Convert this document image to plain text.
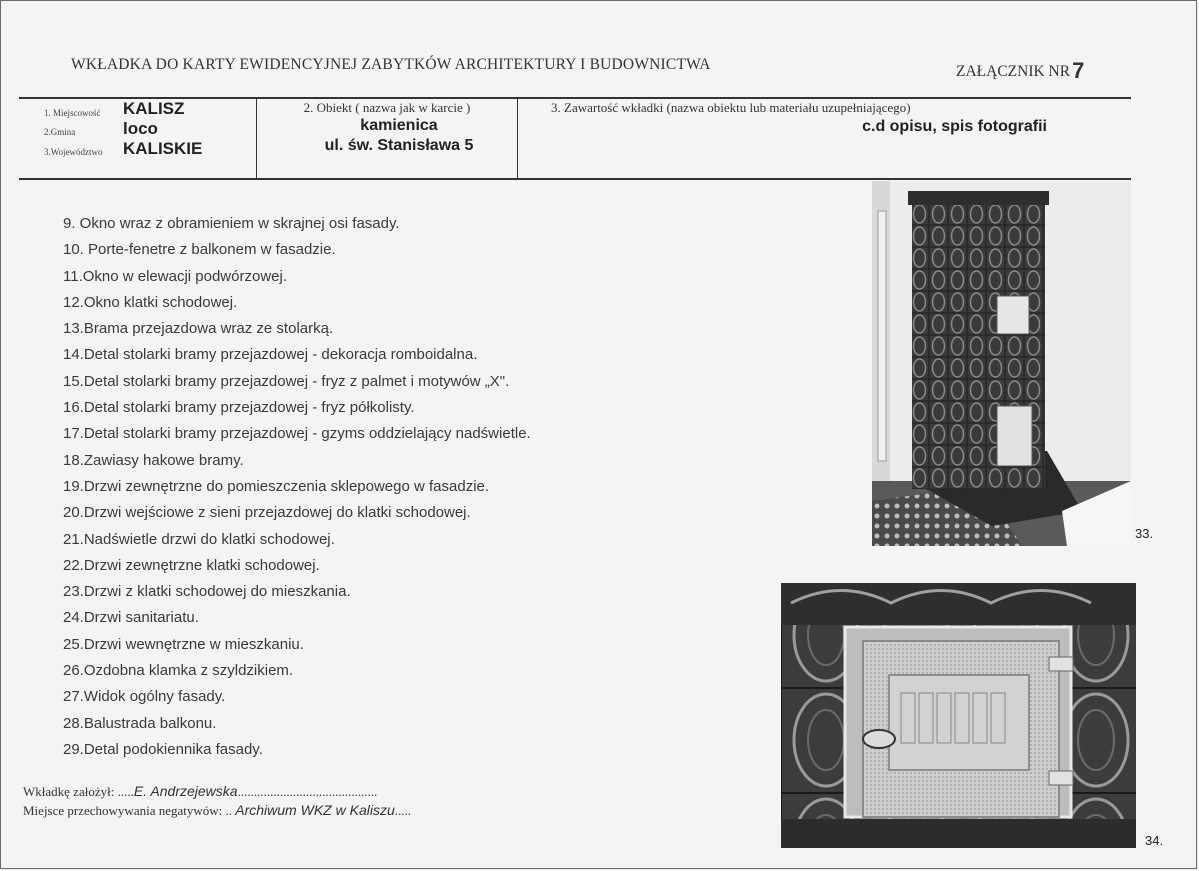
WKŁADKA DO KARTY EWIDENCYJNEJ ZABYTKÓW ARCHITEKTURY I BUDOWNICTWA	ZAŁĄCZNIK NR7
1. Miejscowość KALISZ
2.Gmina	loco
3.Województwo KALISKIE
2. Obiekt ( nazwa jak w karcie )
kamienica
ul. św. Stanisława 5
3. Zawartość wkładki (nazwa obiektu lub materiału uzupełniającego)
c.d opisu, spis fotografii
9. Okno wraz z obramieniem w skrajnej osi fasady.
10. Porte-fenetre z balkonem w fasadzie.
11.Okno w elewacji podwórzowej.
12.Okno klatki schodowej.
13.Brama przejazdowa wraz ze stolarką.
14.Detal stolarki bramy przejazdowej - dekoracja romboidalna.
15.Detal stolarki bramy przejazdowej - fryz z palmet i motywów „X".
16.Detal stolarki bramy przejazdowej - fryz półkolisty.
17.Detal stolarki bramy przejazdowej - gzyms oddzielający nadświetle.
18.Zawiasy hakowe bramy.
19.Drzwi zewnętrzne do pomieszczenia sklepowego w fasadzie.
20.Drzwi wejściowe z sieni przejazdowej do klatki schodowej.
21.Nadświetle drzwi do klatki schodowej.
22.Drzwi zewnętrzne klatki schodowej.
23.Drzwi z klatki schodowej do mieszkania.
24.Drzwi sanitariatu.
25.Drzwi wewnętrzne w mieszkaniu.
26.Ozdobna klamka z szyldzikiem.
27.Widok ogólny fasady.
28.Balustrada balkonu.
29.Detal podokiennika fasady.
Wkładkę założył: .....E. Andrzejewska...........................................
Miejsce przechowywania negatywów: .. Archiwum WKZ w Kaliszu.....
33.
34.
